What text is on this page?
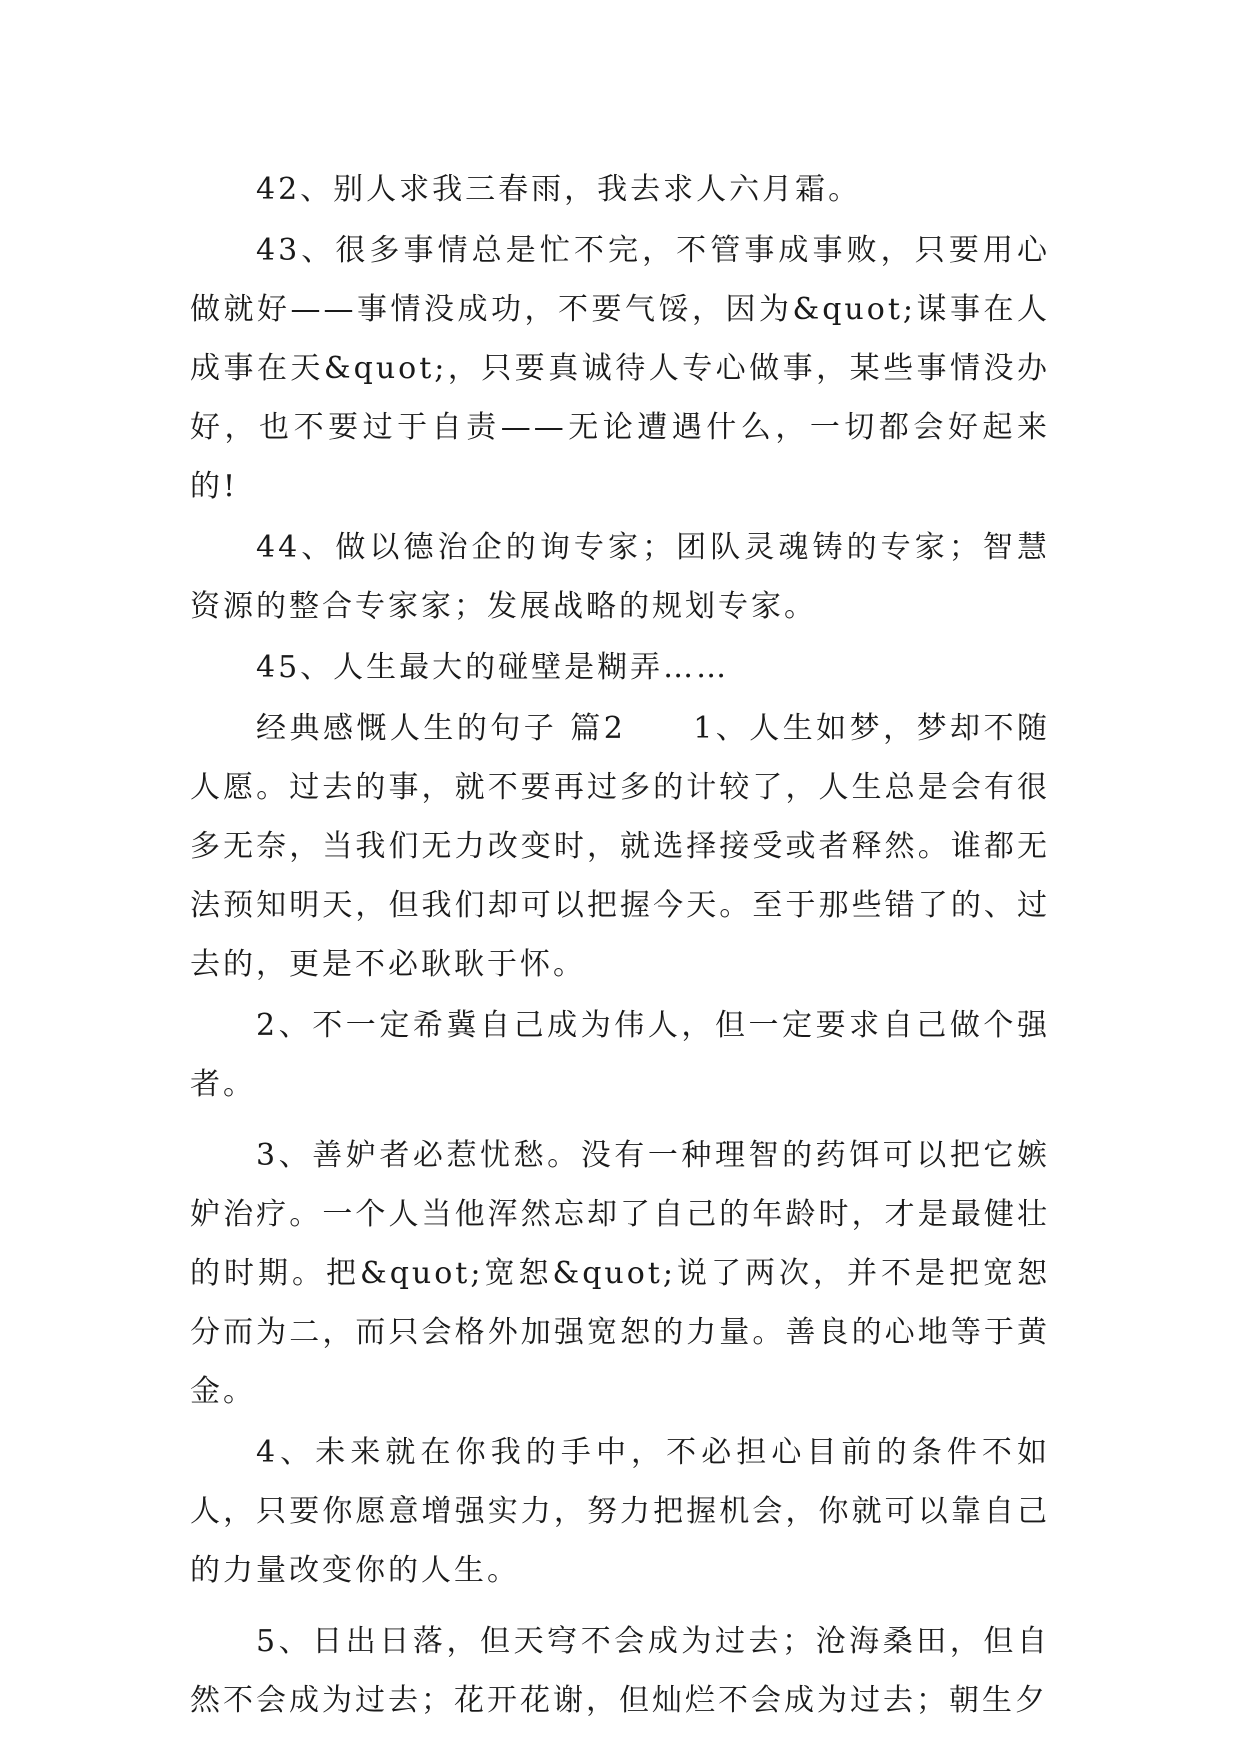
42、别人求我三春雨，我去求人六月霜。

43、很多事情总是忙不完，不管事成事败，只要用心做就好——事情没成功，不要气馁，因为&quot;谋事在人成事在天&quot;，只要真诚待人专心做事，某些事情没办好，也不要过于自责——无论遭遇什么，一切都会好起来的!

44、做以德治企的询专家；团队灵魂铸的专家；智慧资源的整合专家家；发展战略的规划专家。

45、人生最大的碰壁是糊弄……

经典感慨人生的句子 篇2　　1、人生如梦，梦却不随人愿。过去的事，就不要再过多的计较了，人生总是会有很多无奈，当我们无力改变时，就选择接受或者释然。谁都无法预知明天，但我们却可以把握今天。至于那些错了的、过去的，更是不必耿耿于怀。

2、不一定希冀自己成为伟人，但一定要求自己做个强者。

3、善妒者必惹忧愁。没有一种理智的药饵可以把它嫉妒治疗。一个人当他浑然忘却了自己的年龄时，才是最健壮的时期。把&quot;宽恕&quot;说了两次，并不是把宽恕分而为二，而只会格外加强宽恕的力量。善良的心地等于黄金。

4、未来就在你我的手中，不必担心目前的条件不如人，只要你愿意增强实力，努力把握机会，你就可以靠自己的力量改变你的人生。

5、日出日落，但天穹不会成为过去；沧海桑田，但自然不会成为过去；花开花谢，但灿烂不会成为过去；朝生夕
